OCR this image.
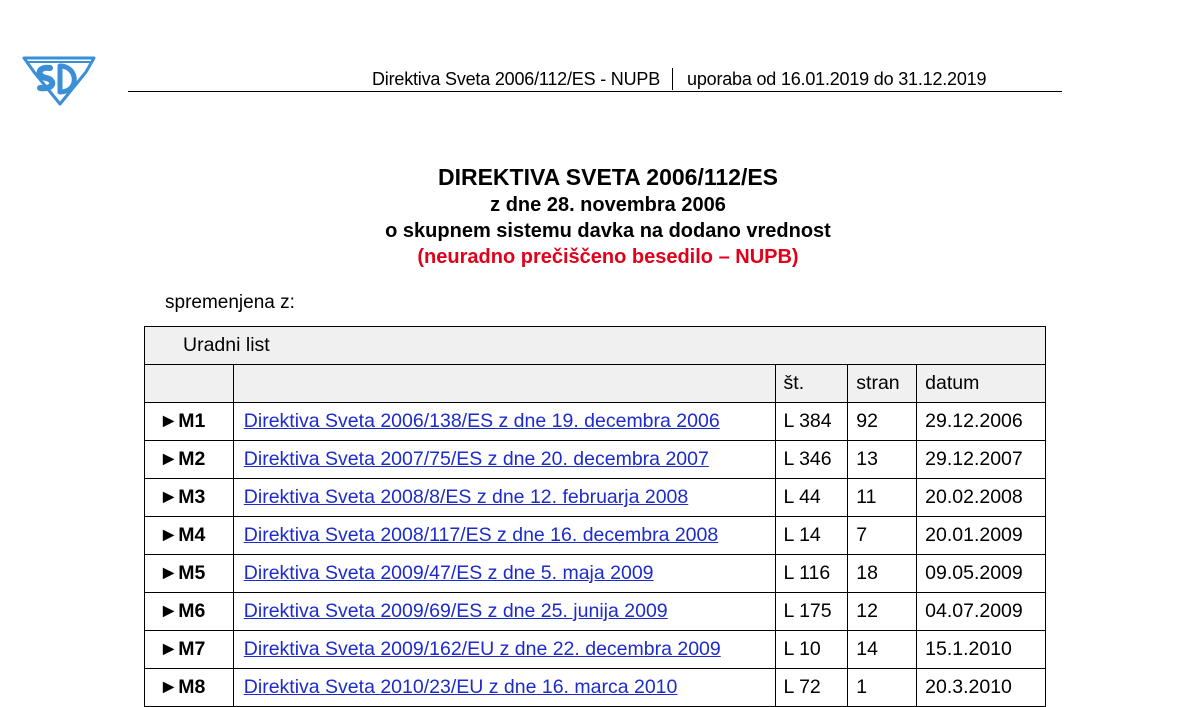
Direktiva Sveta 2006/112/ES - NUPB uporaba od 16.01.2019 do 31.12.2019
DIREKTIVA SVETA 2006/112/ES
z dne 28. novembra 2006
o skupnem sistemu davka na dodano vrednost
(neuradno prečiščeno besedilo – NUPB)
spremenjena z:
Uradni list				
		št.	stran	datum
►M1	Direktiva Sveta 2006/138/ES z dne 19. decembra 2006	L 384	92	29.12.2006
►M2	Direktiva Sveta 2007/75/ES z dne 20. decembra 2007	L 346	13	29.12.2007
►M3	Direktiva Sveta 2008/8/ES z dne 12. februarja 2008	L 44	11	20.02.2008
►M4	Direktiva Sveta 2008/117/ES z dne 16. decembra 2008	L 14	7	20.01.2009
►M5	Direktiva Sveta 2009/47/ES z dne 5. maja 2009	L 116	18	09.05.2009
►M6	Direktiva Sveta 2009/69/ES z dne 25. junija 2009	L 175	12	04.07.2009
►M7	Direktiva Sveta 2009/162/EU z dne 22. decembra 2009	L 10	14	15.1.2010
►M8	Direktiva Sveta 2010/23/EU z dne 16. marca 2010	L 72	1	20.3.2010
